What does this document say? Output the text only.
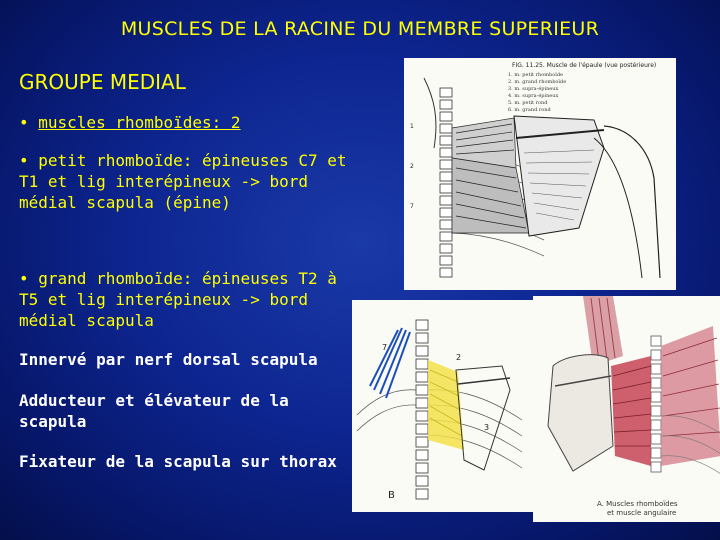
MUSCLES DE LA RACINE DU MEMBRE SUPERIEUR
GROUPE MEDIAL
• muscles rhomboïdes: 2
• petit rhomboïde: épineuses C7 et T1 et lig interépineux -> bord médial scapula (épine)
• grand rhomboïde: épineuses T2 à T5 et lig interépineux -> bord médial scapula
Innervé par nerf dorsal scapula
Adducteur et élévateur de la scapula
Fixateur de la scapula sur thorax
FIG. 11.25. Muscle de l'épaule (vue postérieure)
1. m. petit rhomboïde
2. m. grand rhomboïde
3. m. supra-épineux
4. m. supra-épineux
5. m. petit rond
6. m. grand rond
1
2
7
7
2
3
B
A. Muscles rhomboïdes
et muscle angulaire
